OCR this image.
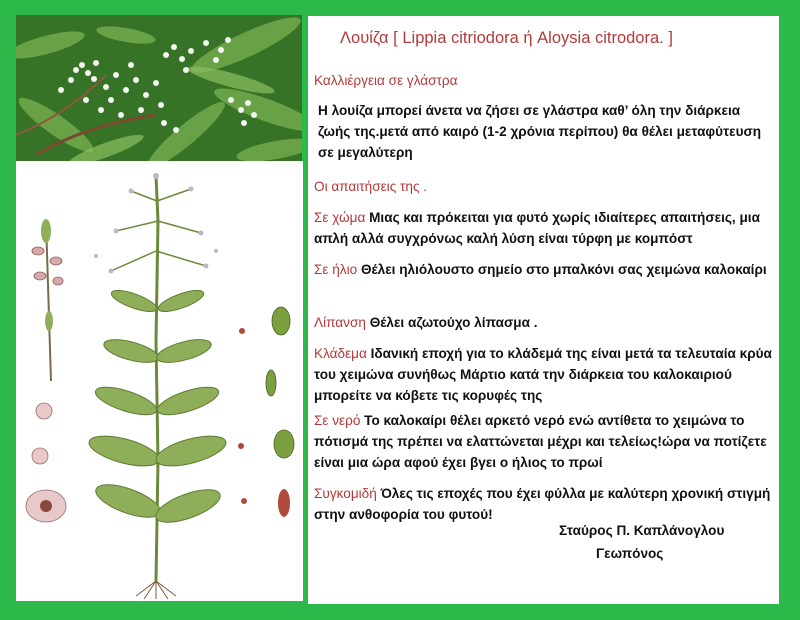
Λουίζα [ Lippia citriodora ή Aloysia citrodora. ]
Καλλιέργεια σε γλάστρα
Η λουίζα μπορεί άνετα να ζήσει σε γλάστρα καθ’ όλη την διάρκεια ζωής της.μετά από καιρό (1-2 χρόνια περίπου) θα θέλει μεταφύτευση σε μεγαλύτερη
Οι απαιτήσεις της .
Σε χώμα Μιας και πρόκειται για φυτό χωρίς ιδιαίτερες απαιτήσεις, μια απλή αλλά συγχρόνως καλή λύση είναι τύρφη με κομπόστ
Σε ήλιο Θέλει ηλιόλουστο σημείο στο μπαλκόνι σας χειμώνα καλοκαίρι
Λίπανση Θέλει αζωτούχο λίπασμα .
Κλάδεμα Ιδανική εποχή για το κλάδεμά της είναι μετά τα τελευταία κρύα του χειμώνα συνήθως Μάρτιο κατά την διάρκεια του καλοκαιριού μπορείτε να κόβετε τις κορυφές της
Σε νερό Το καλοκαίρι θέλει αρκετό νερό ενώ αντίθετα το χειμώνα το πότισμά της πρέπει να ελαττώνεται μέχρι και τελείως!ώρα να ποτίζετε είναι μια ώρα αφού έχει βγει ο ήλιος το πρωί
Συγκομιδή Όλες τις εποχές που έχει φύλλα με καλύτερη χρονική στιγμή στην ανθοφορία του φυτού!
Σταύρος Π. Καπλάνογλου
Γεωπόνος
